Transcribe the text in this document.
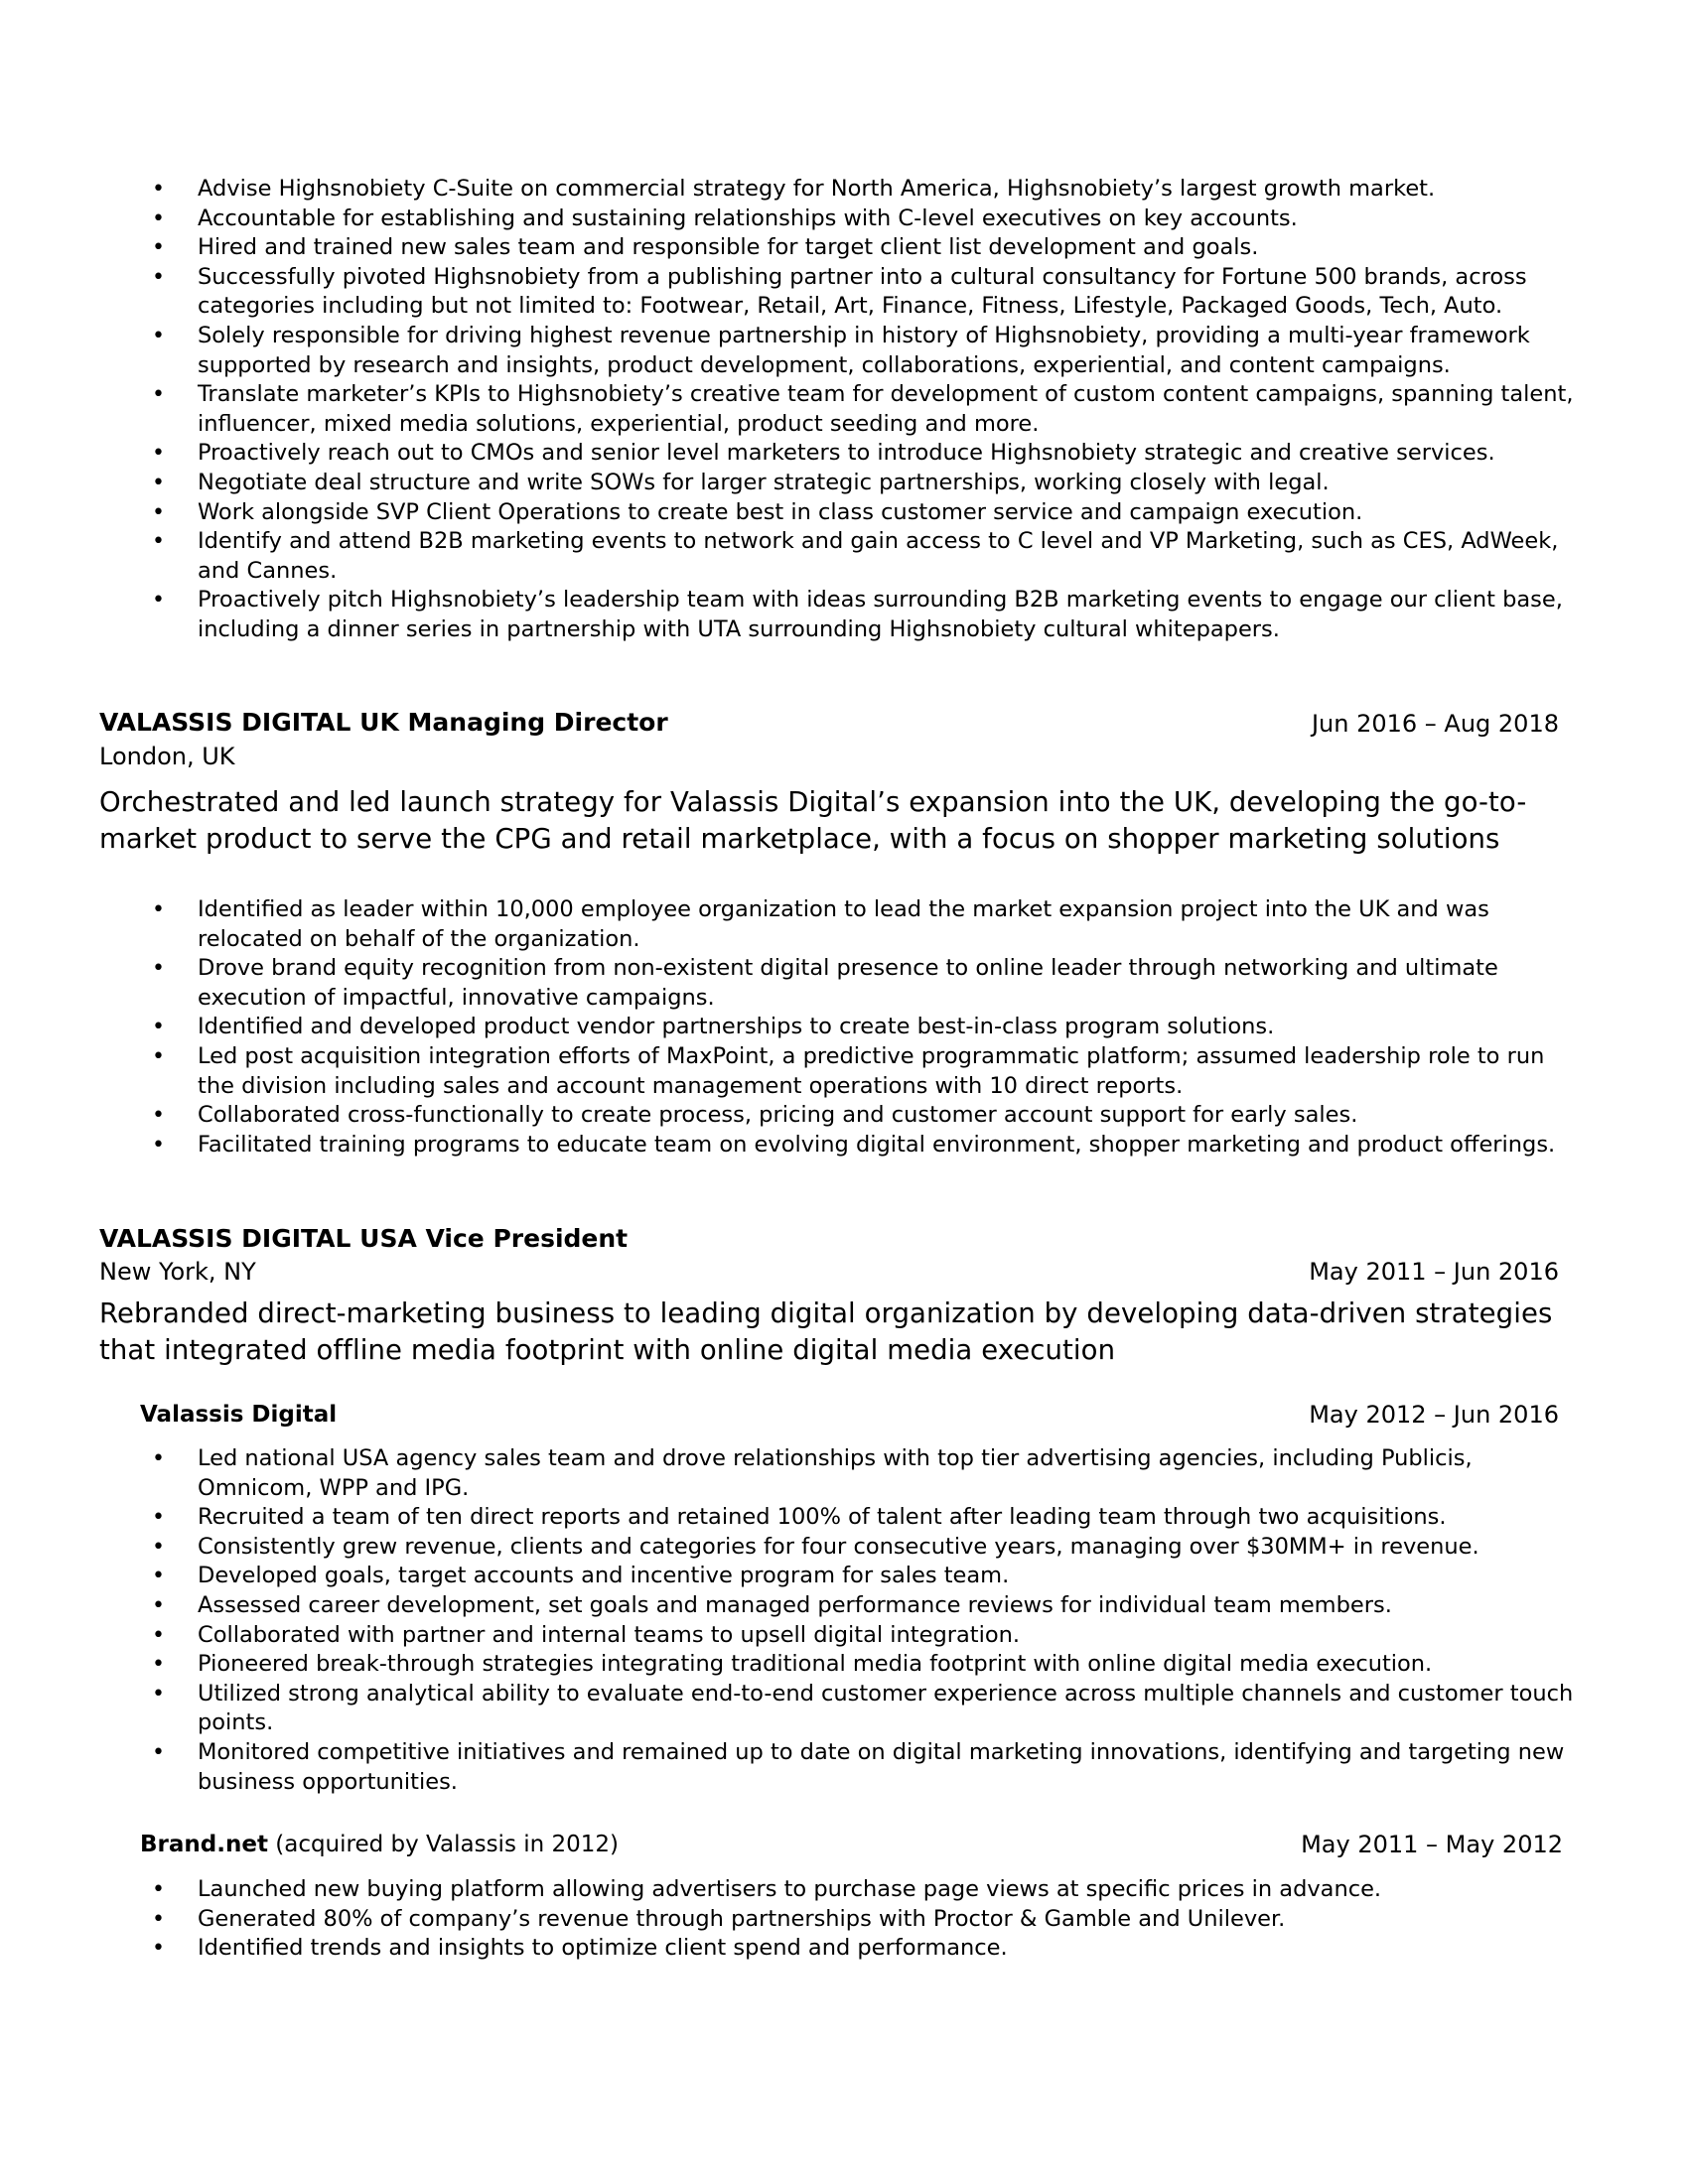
• Advise Highsnobiety C-Suite on commercial strategy for North America, Highsnobiety’s largest growth market.
• Accountable for establishing and sustaining relationships with C-level executives on key accounts.
• Hired and trained new sales team and responsible for target client list development and goals.
• Successfully pivoted Highsnobiety from a publishing partner into a cultural consultancy for Fortune 500 brands, across categories including but not limited to: Footwear, Retail, Art, Finance, Fitness, Lifestyle, Packaged Goods, Tech, Auto.
• Solely responsible for driving highest revenue partnership in history of Highsnobiety, providing a multi-year framework supported by research and insights, product development, collaborations, experiential, and content campaigns.
• Translate marketer’s KPIs to Highsnobiety’s creative team for development of custom content campaigns, spanning talent, influencer, mixed media solutions, experiential, product seeding and more.
• Proactively reach out to CMOs and senior level marketers to introduce Highsnobiety strategic and creative services.
• Negotiate deal structure and write SOWs for larger strategic partnerships, working closely with legal.
• Work alongside SVP Client Operations to create best in class customer service and campaign execution.
• Identify and attend B2B marketing events to network and gain access to C level and VP Marketing, such as CES, AdWeek, and Cannes.
• Proactively pitch Highsnobiety’s leadership team with ideas surrounding B2B marketing events to engage our client base, including a dinner series in partnership with UTA surrounding Highsnobiety cultural whitepapers.
VALASSIS DIGITAL UK Managing Director	Jun 2016 – Aug 2018
London, UK
Orchestrated and led launch strategy for Valassis Digital’s expansion into the UK, developing the go-to-market product to serve the CPG and retail marketplace, with a focus on shopper marketing solutions
• Identified as leader within 10,000 employee organization to lead the market expansion project into the UK and was relocated on behalf of the organization.
• Drove brand equity recognition from non-existent digital presence to online leader through networking and ultimate execution of impactful, innovative campaigns.
• Identified and developed product vendor partnerships to create best-in-class program solutions.
• Led post acquisition integration efforts of MaxPoint, a predictive programmatic platform; assumed leadership role to run the division including sales and account management operations with 10 direct reports.
• Collaborated cross-functionally to create process, pricing and customer account support for early sales.
• Facilitated training programs to educate team on evolving digital environment, shopper marketing and product offerings.
VALASSIS DIGITAL USA Vice President
New York, NY	May 2011 – Jun 2016
Rebranded direct-marketing business to leading digital organization by developing data-driven strategies that integrated offline media footprint with online digital media execution
Valassis Digital	May 2012 – Jun 2016
• Led national USA agency sales team and drove relationships with top tier advertising agencies, including Publicis, Omnicom, WPP and IPG.
• Recruited a team of ten direct reports and retained 100% of talent after leading team through two acquisitions.
• Consistently grew revenue, clients and categories for four consecutive years, managing over $30MM+ in revenue.
• Developed goals, target accounts and incentive program for sales team.
• Assessed career development, set goals and managed performance reviews for individual team members.
• Collaborated with partner and internal teams to upsell digital integration.
• Pioneered break-through strategies integrating traditional media footprint with online digital media execution.
• Utilized strong analytical ability to evaluate end-to-end customer experience across multiple channels and customer touch points.
• Monitored competitive initiatives and remained up to date on digital marketing innovations, identifying and targeting new business opportunities.
Brand.net (acquired by Valassis in 2012)	May 2011 – May 2012
• Launched new buying platform allowing advertisers to purchase page views at specific prices in advance.
• Generated 80% of company’s revenue through partnerships with Proctor & Gamble and Unilever.
• Identified trends and insights to optimize client spend and performance.
